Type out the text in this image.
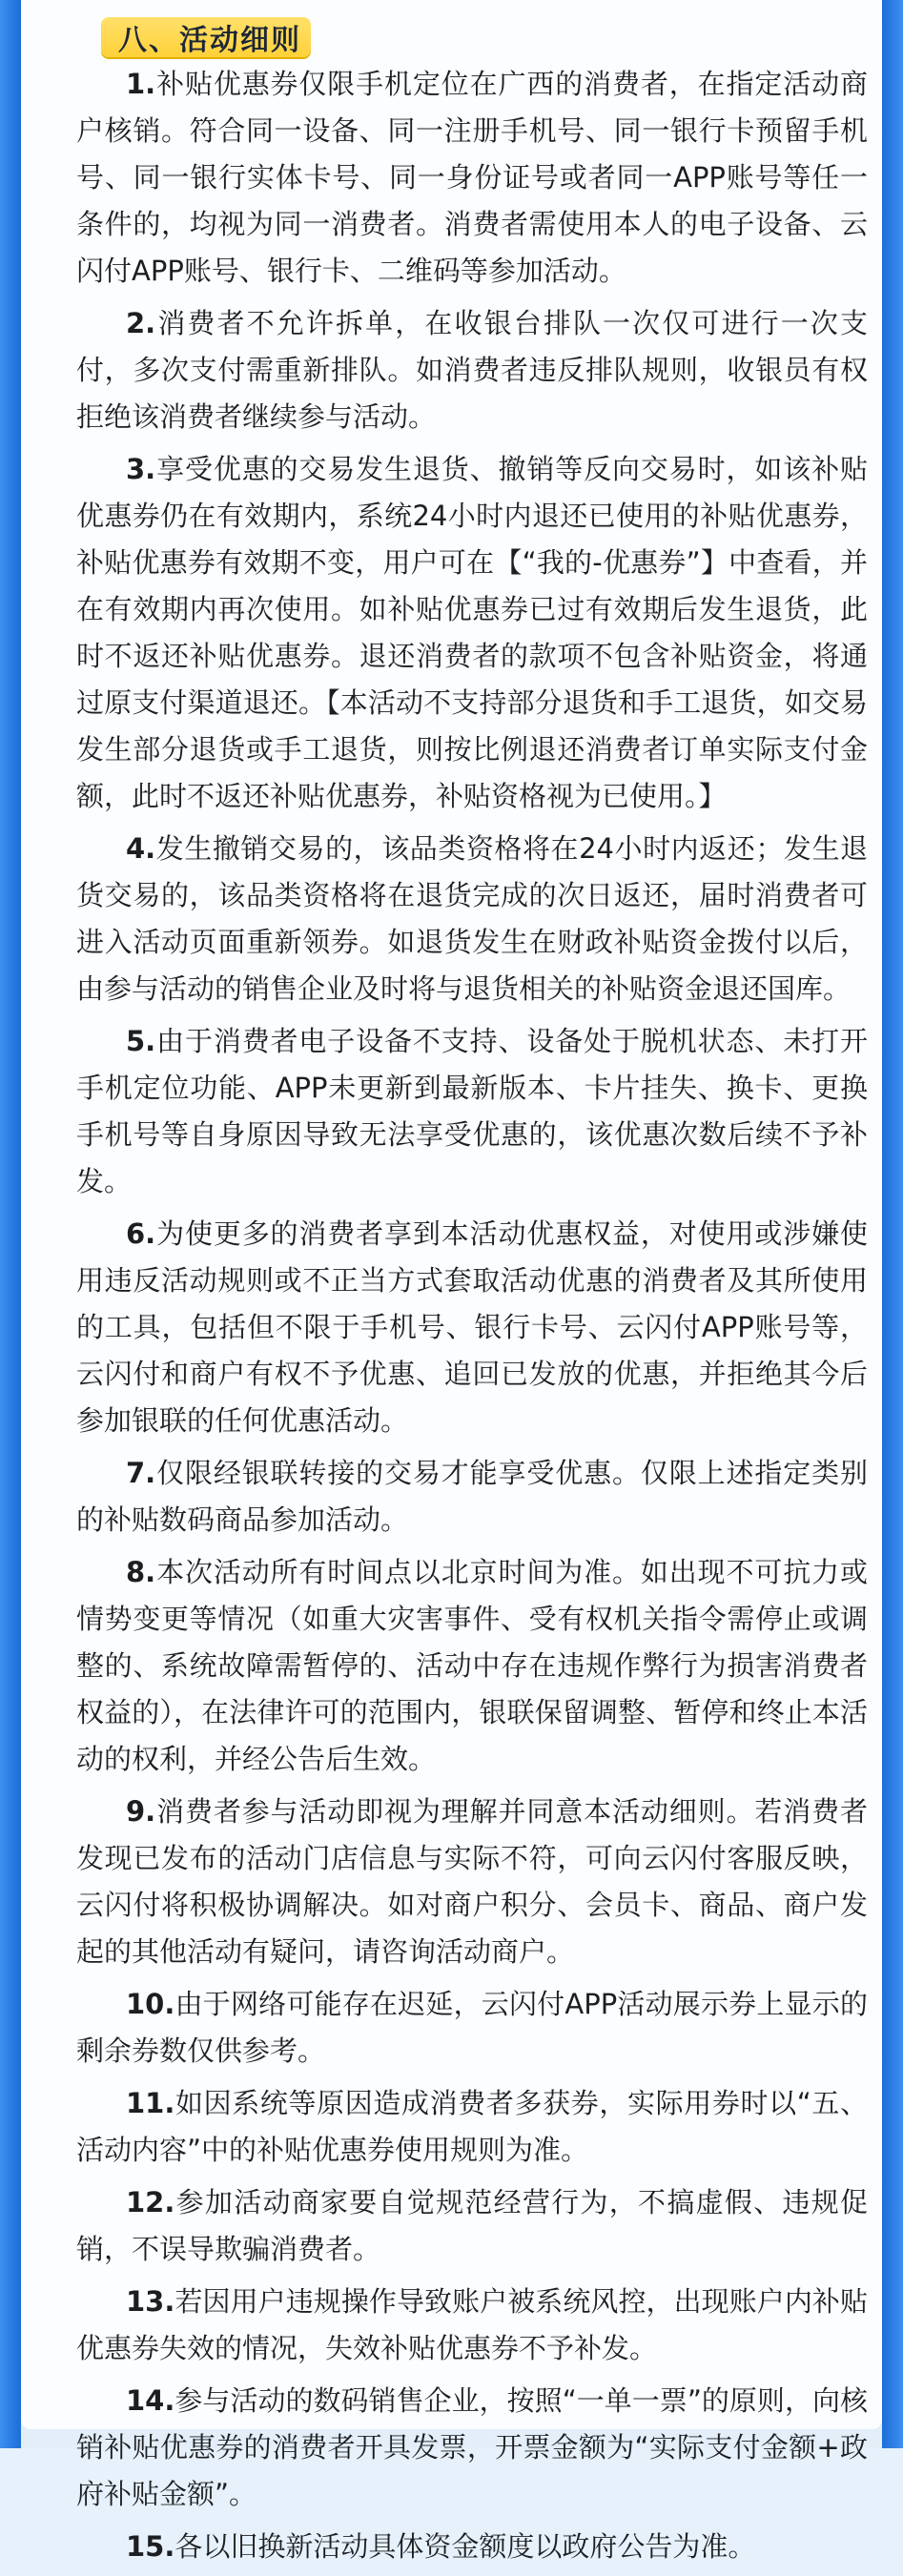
八、活动细则

1.补贴优惠券仅限手机定位在广西的消费者，在指定活动商户核销。符合同一设备、同一注册手机号、同一银行卡预留手机号、同一银行实体卡号、同一身份证号或者同一APP账号等任一条件的，均视为同一消费者。消费者需使用本人的电子设备、云闪付APP账号、银行卡、二维码等参加活动。

2.消费者不允许拆单，在收银台排队一次仅可进行一次支付，多次支付需重新排队。如消费者违反排队规则，收银员有权拒绝该消费者继续参与活动。

3.享受优惠的交易发生退货、撤销等反向交易时，如该补贴优惠券仍在有效期内，系统24小时内退还已使用的补贴优惠券，补贴优惠券有效期不变，用户可在【“我的-优惠券”】中查看，并在有效期内再次使用。如补贴优惠券已过有效期后发生退货，此时不返还补贴优惠券。退还消费者的款项不包含补贴资金，将通过原支付渠道退还。【本活动不支持部分退货和手工退货，如交易发生部分退货或手工退货，则按比例退还消费者订单实际支付金额，此时不返还补贴优惠券，补贴资格视为已使用。】

4.发生撤销交易的，该品类资格将在24小时内返还；发生退货交易的，该品类资格将在退货完成的次日返还，届时消费者可进入活动页面重新领券。如退货发生在财政补贴资金拨付以后，由参与活动的销售企业及时将与退货相关的补贴资金退还国库。

5.由于消费者电子设备不支持、设备处于脱机状态、未打开手机定位功能、APP未更新到最新版本、卡片挂失、换卡、更换手机号等自身原因导致无法享受优惠的，该优惠次数后续不予补发。

6.为使更多的消费者享到本活动优惠权益，对使用或涉嫌使用违反活动规则或不正当方式套取活动优惠的消费者及其所使用的工具，包括但不限于手机号、银行卡号、云闪付APP账号等，云闪付和商户有权不予优惠、追回已发放的优惠，并拒绝其今后参加银联的任何优惠活动。

7.仅限经银联转接的交易才能享受优惠。仅限上述指定类别的补贴数码商品参加活动。

8.本次活动所有时间点以北京时间为准。如出现不可抗力或情势变更等情况（如重大灾害事件、受有权机关指令需停止或调整的、系统故障需暂停的、活动中存在违规作弊行为损害消费者权益的），在法律许可的范围内，银联保留调整、暂停和终止本活动的权利，并经公告后生效。

9.消费者参与活动即视为理解并同意本活动细则。若消费者发现已发布的活动门店信息与实际不符，可向云闪付客服反映，云闪付将积极协调解决。如对商户积分、会员卡、商品、商户发起的其他活动有疑问，请咨询活动商户。

10.由于网络可能存在迟延，云闪付APP活动展示券上显示的剩余券数仅供参考。

11.如因系统等原因造成消费者多获券，实际用券时以“五、活动内容”中的补贴优惠券使用规则为准。

12.参加活动商家要自觉规范经营行为，不搞虚假、违规促销，不误导欺骗消费者。

13.若因用户违规操作导致账户被系统风控，出现账户内补贴优惠券失效的情况，失效补贴优惠券不予补发。

14.参与活动的数码销售企业，按照“一单一票”的原则，向核销补贴优惠券的消费者开具发票，开票金额为“实际支付金额+政府补贴金额”。

15.各以旧换新活动具体资金额度以政府公告为准。
